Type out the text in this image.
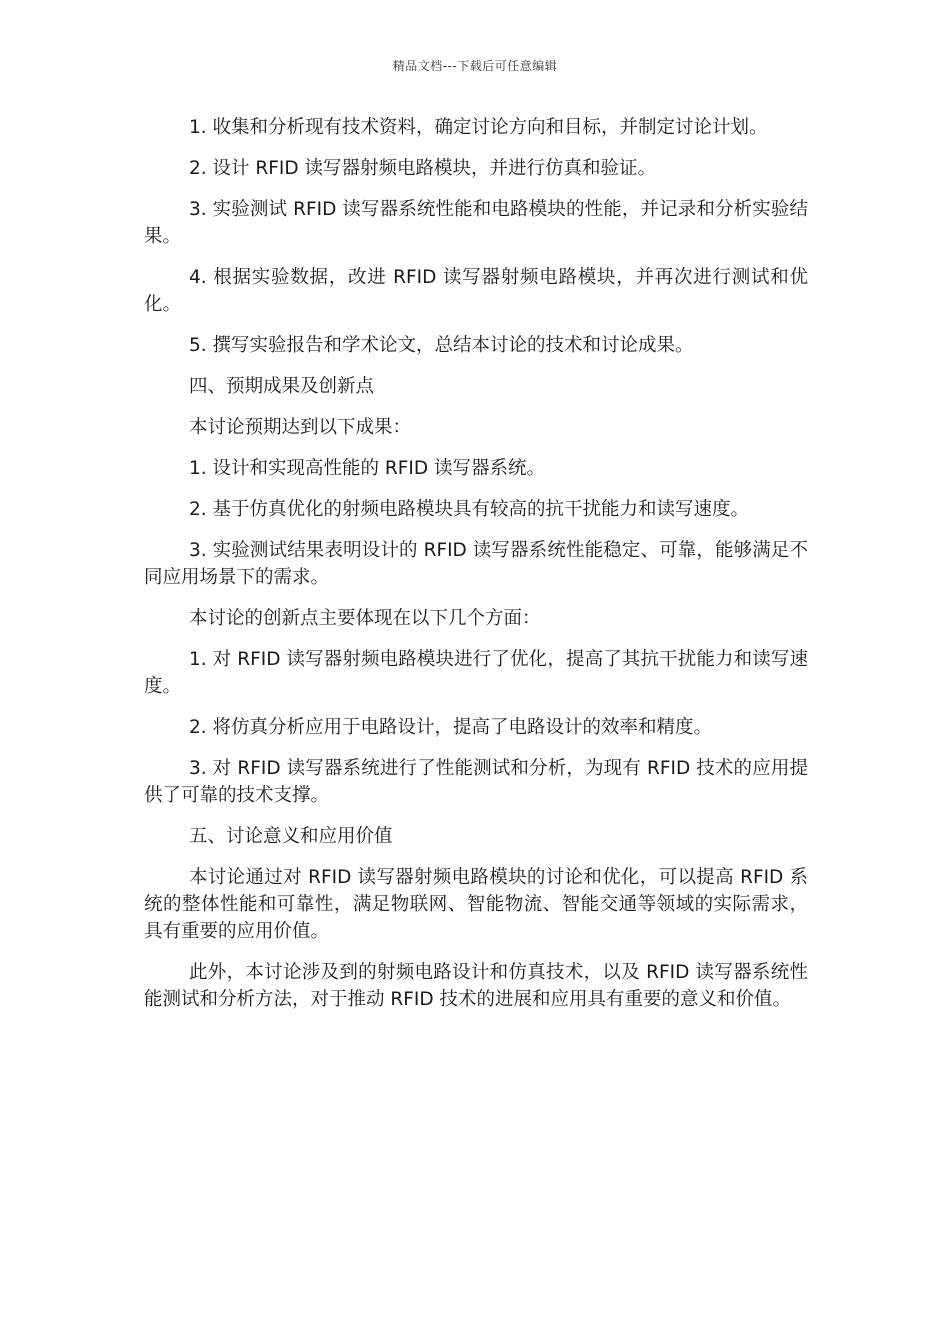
精品文档---下载后可任意编辑

1. 收集和分析现有技术资料，确定讨论方向和目标，并制定讨论计划。

2. 设计 RFID 读写器射频电路模块，并进行仿真和验证。

3. 实验测试 RFID 读写器系统性能和电路模块的性能，并记录和分析实验结果。

4. 根据实验数据，改进 RFID 读写器射频电路模块，并再次进行测试和优化。

5. 撰写实验报告和学术论文，总结本讨论的技术和讨论成果。

四、预期成果及创新点

本讨论预期达到以下成果：

1. 设计和实现高性能的 RFID 读写器系统。

2. 基于仿真优化的射频电路模块具有较高的抗干扰能力和读写速度。

3. 实验测试结果表明设计的 RFID 读写器系统性能稳定、可靠，能够满足不同应用场景下的需求。

本讨论的创新点主要体现在以下几个方面：

1. 对 RFID 读写器射频电路模块进行了优化，提高了其抗干扰能力和读写速度。

2. 将仿真分析应用于电路设计，提高了电路设计的效率和精度。

3. 对 RFID 读写器系统进行了性能测试和分析，为现有 RFID 技术的应用提供了可靠的技术支撑。

五、讨论意义和应用价值

本讨论通过对 RFID 读写器射频电路模块的讨论和优化，可以提高 RFID 系统的整体性能和可靠性，满足物联网、智能物流、智能交通等领域的实际需求，具有重要的应用价值。

此外，本讨论涉及到的射频电路设计和仿真技术，以及 RFID 读写器系统性能测试和分析方法，对于推动 RFID 技术的进展和应用具有重要的意义和价值。
